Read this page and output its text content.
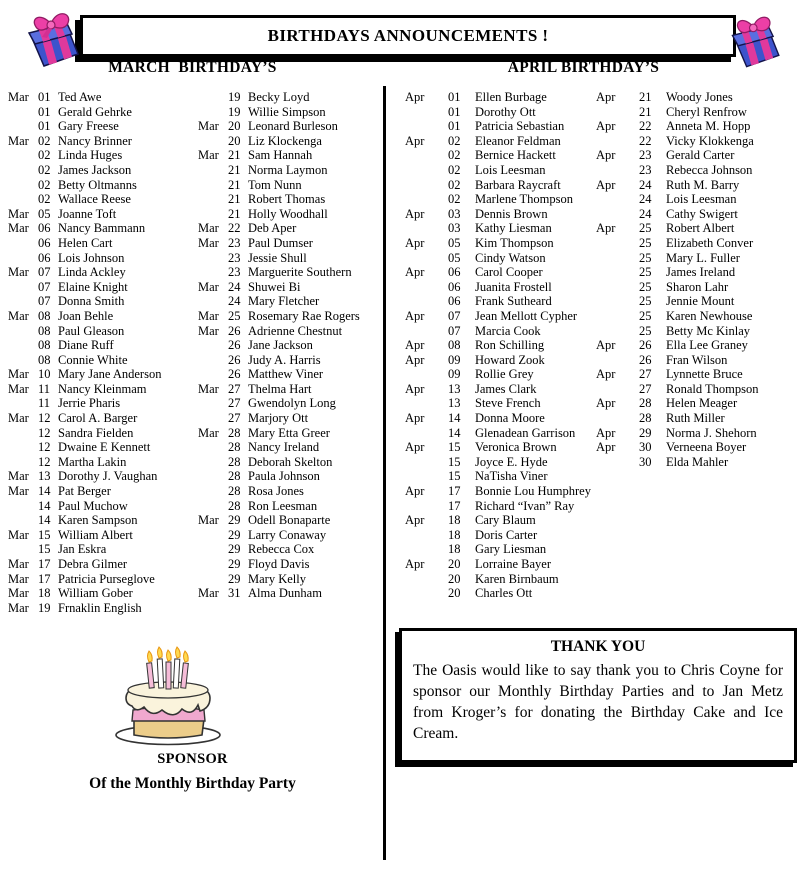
BIRTHDAYS ANNOUNCEMENTS !
MARCH  BIRTHDAY’S	APRIL BIRTHDAY’S
Mar 01 Ted Awe
01 Gerald Gehrke
01 Gary Freese
Mar 02 Nancy Brinner
02 Linda Huges
02 James Jackson
02 Betty Oltmanns
02 Wallace Reese
Mar 05 Joanne Toft
Mar 06 Nancy Bammann
06 Helen Cart
06 Lois Johnson
Mar 07 Linda Ackley
07 Elaine Knight
07 Donna Smith
Mar 08 Joan Behle
08 Paul Gleason
08 Diane Ruff
08 Connie White
Mar 10 Mary Jane Anderson
Mar 11 Nancy Kleinmam
11 Jerrie Pharis
Mar 12 Carol A. Barger
12 Sandra Fielden
12 Dwaine E Kennett
12 Martha Lakin
Mar 13 Dorothy J. Vaughan
Mar 14 Pat Berger
14 Paul Muchow
14 Karen Sampson
Mar 15 William Albert
15 Jan Eskra
Mar 17 Debra Gilmer
Mar 17 Patricia Purseglove
Mar 18 William Gober
Mar 19 Frnaklin English
19 Becky Loyd
19 Willie Simpson
Mar 20 Leonard Burleson
20 Liz Klockenga
Mar 21 Sam Hannah
21 Norma Laymon
21 Tom Nunn
21 Robert Thomas
21 Holly Woodhall
Mar 22 Deb Aper
Mar 23 Paul Dumser
23 Jessie Shull
23 Marguerite Southern
Mar 24 Shuwei Bi
24 Mary Fletcher
Mar 25 Rosemary Rae Rogers
Mar 26 Adrienne Chestnut
26 Jane Jackson
26 Judy A. Harris
26 Matthew Viner
Mar 27 Thelma Hart
27 Gwendolyn Long
27 Marjory Ott
Mar 28 Mary Etta Greer
28 Nancy Ireland
28 Deborah Skelton
28 Paula Johnson
28 Rosa Jones
28 Ron Leesman
Mar 29 Odell Bonaparte
29 Larry Conaway
29 Rebecca Cox
29 Floyd Davis
29 Mary Kelly
Mar 31 Alma Dunham
Apr	01	Ellen Burbage
01	Dorothy Ott
01	Patricia Sebastian
Apr	02	Eleanor Feldman
02	Bernice Hackett
02	Lois Leesman
02	Barbara Raycraft
02	Marlene Thompson
Apr	03	Dennis Brown
03	Kathy Liesman
Apr	05	Kim Thompson
05	Cindy Watson
Apr	06	Carol Cooper
06	Juanita Frostell
06	Frank Sutheard
Apr	07	Jean Mellott Cypher
07	Marcia Cook
Apr	08	Ron Schilling
Apr	09	Howard Zook
09	Rollie Grey
Apr	13	James Clark
13	Steve French
Apr	14	Donna Moore
14	Glenadean Garrison
Apr	15	Veronica Brown
15	Joyce E. Hyde
15	NaTisha Viner
Apr	17	Bonnie Lou Humphrey
17	Richard “Ivan” Ray
Apr	18	Cary Blaum
18	Doris Carter
18	Gary Liesman
Apr	20	Lorraine Bayer
20	Karen Birnbaum
20	Charles Ott
Apr	21	Woody Jones
21	Cheryl Renfrow
Apr	22	Anneta M. Hopp
22	Vicky Klokkenga
Apr	23	Gerald Carter
23	Rebecca Johnson
Apr	24	Ruth M. Barry
24	Lois Leesman
24	Cathy Swigert
Apr	25	Robert Albert
25	Elizabeth Conver
25	Mary L. Fuller
25	James Ireland
25	Sharon Lahr
25	Jennie Mount
25	Karen Newhouse
25	Betty Mc Kinlay
Apr	26	Ella Lee Graney
26	Fran Wilson
Apr	27	Lynnette Bruce
27	Ronald Thompson
Apr	28	Helen Meager
28	Ruth Miller
Apr	29	Norma J. Shehorn
Apr	30	Verneena Boyer
30	Elda Mahler
SPONSOR
Of the Monthly Birthday Party
THANK YOU

The Oasis would like to say thank you to Chris Coyne for sponsor our Monthly Birthday Parties and to Jan Metz from Kroger’s for donating the Birthday Cake and Ice Cream.
